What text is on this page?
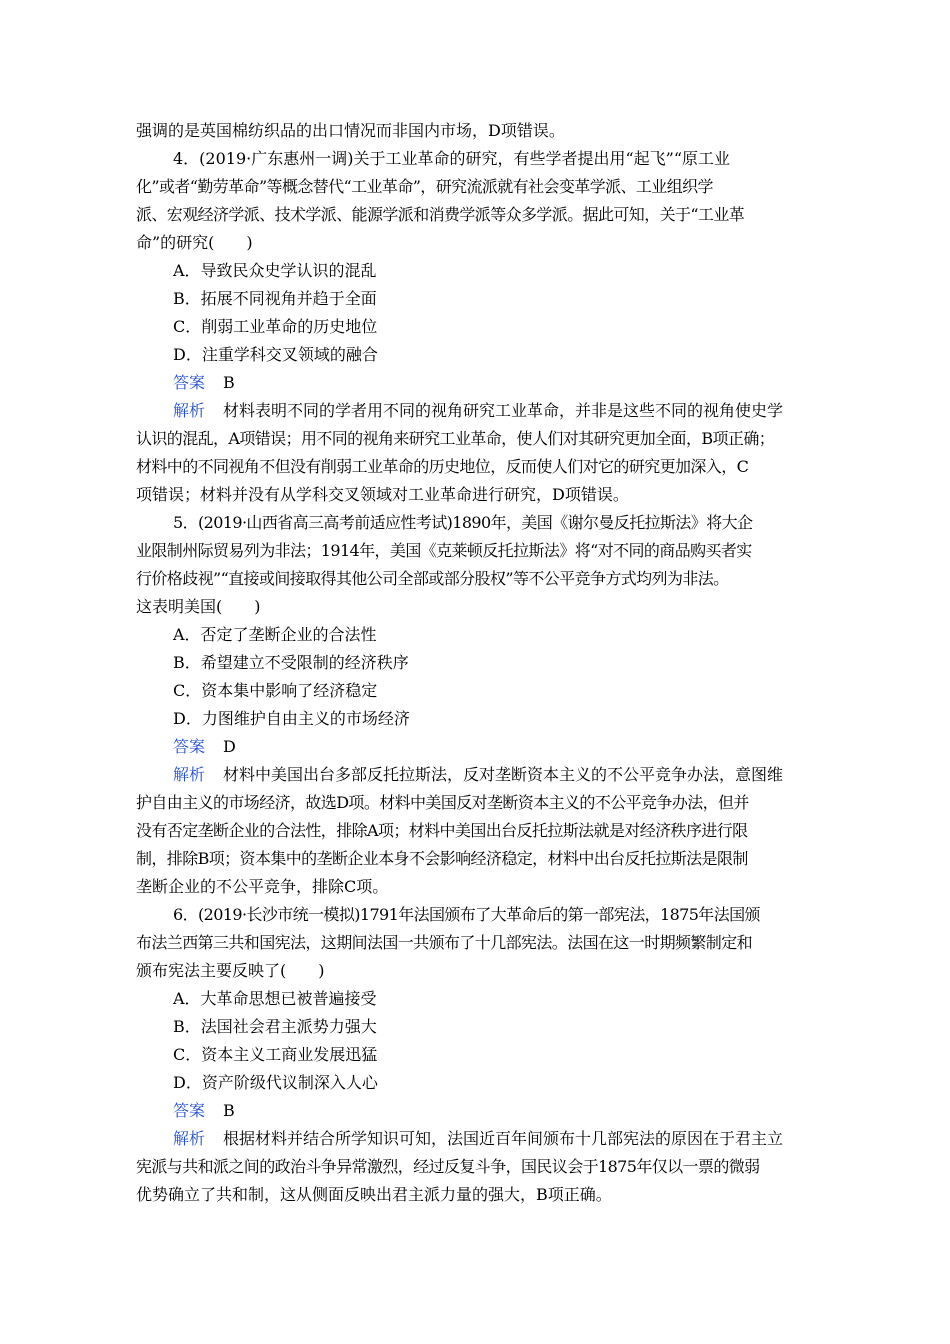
强调的是英国棉纺织品的出口情况而非国内市场，D项错误。
4．(2019·广东惠州一调)关于工业革命的研究，有些学者提出用“起飞”“原工业
化”或者“勤劳革命”等概念替代“工业革命”，研究流派就有社会变革学派、工业组织学
派、宏观经济学派、技术学派、能源学派和消费学派等众多学派。据此可知，关于“工业革
命”的研究(　　)
A．导致民众史学认识的混乱
B．拓展不同视角并趋于全面
C．削弱工业革命的历史地位
D．注重学科交叉领域的融合
答案 B
解析 材料表明不同的学者用不同的视角研究工业革命，并非是这些不同的视角使史学
认识的混乱，A项错误；用不同的视角来研究工业革命，使人们对其研究更加全面，B项正确；
材料中的不同视角不但没有削弱工业革命的历史地位，反而使人们对它的研究更加深入，C
项错误；材料并没有从学科交叉领域对工业革命进行研究，D项错误。
5．(2019·山西省高三高考前适应性考试)1890年，美国《谢尔曼反托拉斯法》将大企
业限制州际贸易列为非法；1914年，美国《克莱顿反托拉斯法》将“对不同的商品购买者实
行价格歧视”“直接或间接取得其他公司全部或部分股权”等不公平竞争方式均列为非法。
这表明美国(　　)
A．否定了垄断企业的合法性
B．希望建立不受限制的经济秩序
C．资本集中影响了经济稳定
D．力图维护自由主义的市场经济
答案 D
解析 材料中美国出台多部反托拉斯法，反对垄断资本主义的不公平竞争办法，意图维
护自由主义的市场经济，故选D项。材料中美国反对垄断资本主义的不公平竞争办法，但并
没有否定垄断企业的合法性，排除A项；材料中美国出台反托拉斯法就是对经济秩序进行限
制，排除B项；资本集中的垄断企业本身不会影响经济稳定，材料中出台反托拉斯法是限制
垄断企业的不公平竞争，排除C项。
6．(2019·长沙市统一模拟)1791年法国颁布了大革命后的第一部宪法，1875年法国颁
布法兰西第三共和国宪法，这期间法国一共颁布了十几部宪法。法国在这一时期频繁制定和
颁布宪法主要反映了(　　)
A．大革命思想已被普遍接受
B．法国社会君主派势力强大
C．资本主义工商业发展迅猛
D．资产阶级代议制深入人心
答案 B
解析 根据材料并结合所学知识可知，法国近百年间颁布十几部宪法的原因在于君主立
宪派与共和派之间的政治斗争异常激烈，经过反复斗争，国民议会于1875年仅以一票的微弱
优势确立了共和制，这从侧面反映出君主派力量的强大，B项正确。
